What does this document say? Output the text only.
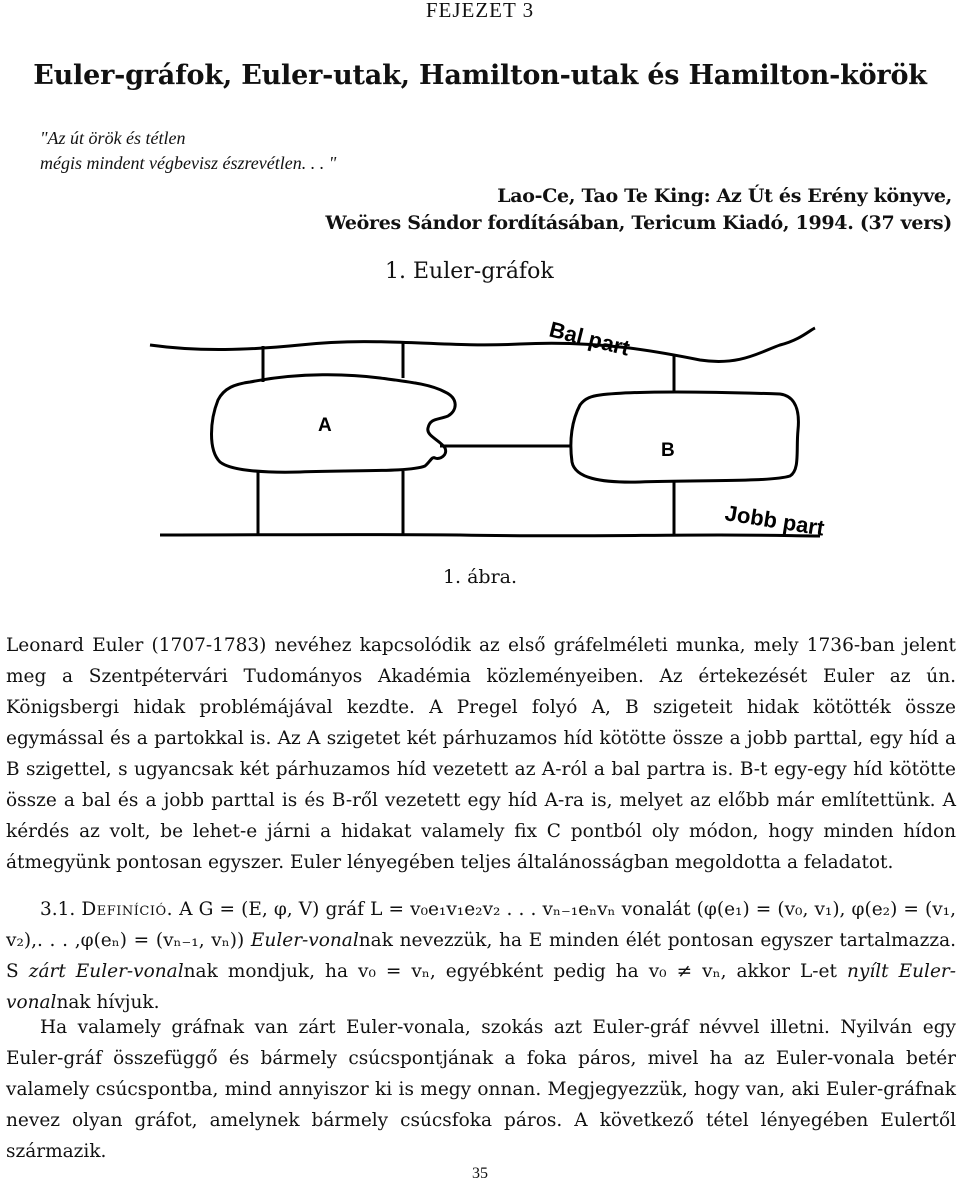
FEJEZET 3
Euler-gráfok, Euler-utak, Hamilton-utak és Hamilton-körök
"Az út örök és tétlen
mégis mindent végbevisz észrevétlen. . . "
Lao-Ce, Tao Te King: Az Út és Erény könyve,
Weöres Sándor fordításában, Tericum Kiadó, 1994. (37 vers)
1. Euler-gráfok
Bal part
Jobb part
A
B
1. ábra.

Leonard Euler (1707-1783) nevéhez kapcsolódik az első gráfelméleti munka, mely 1736-ban jelent meg a Szentpétervári Tudományos Akadémia közleményeiben. Az értekezését Euler az ún. Königsbergi hidak problémájával kezdte. A Pregel folyó A, B szigeteit hidak kötötték össze egymással és a partokkal is. Az A szigetet két párhuzamos híd kötötte össze a jobb parttal, egy híd a B szigettel, s ugyancsak két párhuzamos híd vezetett az A-ról a bal partra is. B-t egy-egy híd kötötte össze a bal és a jobb parttal is és B-ről vezetett egy híd A-ra is, melyet az előbb már említettünk. A kérdés az volt, be lehet-e járni a hidakat valamely fix C pontból oly módon, hogy minden hídon átmegyünk pontosan egyszer. Euler lényegében teljes általánosságban megoldotta a feladatot.

3.1. Definíció. A G = (E, φ, V) gráf L = v₀e₁v₁e₂v₂ . . . vₙ₋₁eₙvₙ vonalát (φ(e₁) = (v₀, v₁), φ(e₂) = (v₁, v₂),. . . ,φ(eₙ) = (vₙ₋₁, vₙ)) Euler-vonalnak nevezzük, ha E minden élét pontosan egyszer tartalmazza. S zárt Euler-vonalnak mondjuk, ha v₀ = vₙ, egyébként pedig ha v₀ ≠ vₙ, akkor L-et nyílt Euler-vonalnak hívjuk.

Ha valamely gráfnak van zárt Euler-vonala, szokás azt Euler-gráf névvel illetni. Nyilván egy Euler-gráf összefüggő és bármely csúcspontjának a foka páros, mivel ha az Euler-vonala betér valamely csúcspontba, mind annyiszor ki is megy onnan. Megjegyezzük, hogy van, aki Euler-gráfnak nevez olyan gráfot, amelynek bármely csúcsfoka páros. A következő tétel lényegében Eulertől származik.

35
